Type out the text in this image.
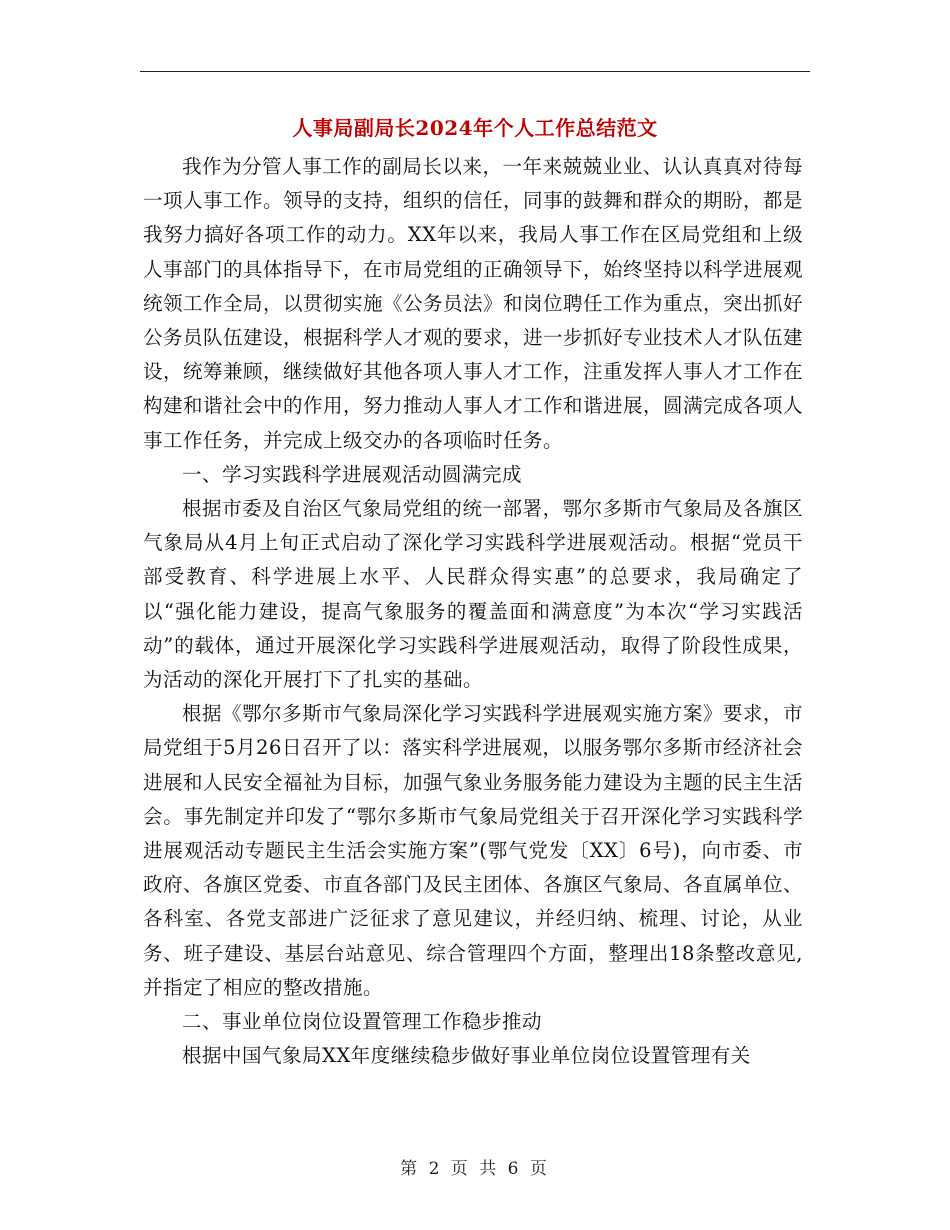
人事局副局长2024年个人工作总结范文

我作为分管人事工作的副局长以来，一年来兢兢业业、认认真真对待每一项人事工作。领导的支持，组织的信任，同事的鼓舞和群众的期盼，都是我努力搞好各项工作的动力。XX年以来，我局人事工作在区局党组和上级人事部门的具体指导下，在市局党组的正确领导下，始终坚持以科学进展观统领工作全局，以贯彻实施《公务员法》和岗位聘任工作为重点，突出抓好公务员队伍建设，根据科学人才观的要求，进一步抓好专业技术人才队伍建设，统筹兼顾，继续做好其他各项人事人才工作，注重发挥人事人才工作在构建和谐社会中的作用，努力推动人事人才工作和谐进展，圆满完成各项人事工作任务，并完成上级交办的各项临时任务。

一、学习实践科学进展观活动圆满完成

根据市委及自治区气象局党组的统一部署，鄂尔多斯市气象局及各旗区气象局从4月上旬正式启动了深化学习实践科学进展观活动。根据“党员干部受教育、科学进展上水平、人民群众得实惠”的总要求，我局确定了以“强化能力建设，提高气象服务的覆盖面和满意度”为本次“学习实践活动”的载体，通过开展深化学习实践科学进展观活动，取得了阶段性成果，为活动的深化开展打下了扎实的基础。

根据《鄂尔多斯市气象局深化学习实践科学进展观实施方案》要求，市局党组于5月26日召开了以：落实科学进展观，以服务鄂尔多斯市经济社会进展和人民安全福祉为目标，加强气象业务服务能力建设为主题的民主生活会。事先制定并印发了“鄂尔多斯市气象局党组关于召开深化学习实践科学进展观活动专题民主生活会实施方案”(鄂气党发〔XX〕6号)，向市委、市政府、各旗区党委、市直各部门及民主团体、各旗区气象局、各直属单位、各科室、各党支部进广泛征求了意见建议，并经归纳、梳理、讨论，从业务、班子建设、基层台站意见、综合管理四个方面，整理出18条整改意见,并指定了相应的整改措施。

二、事业单位岗位设置管理工作稳步推动

根据中国气象局XX年度继续稳步做好事业单位岗位设置管理有关

第 2 页 共 6 页
